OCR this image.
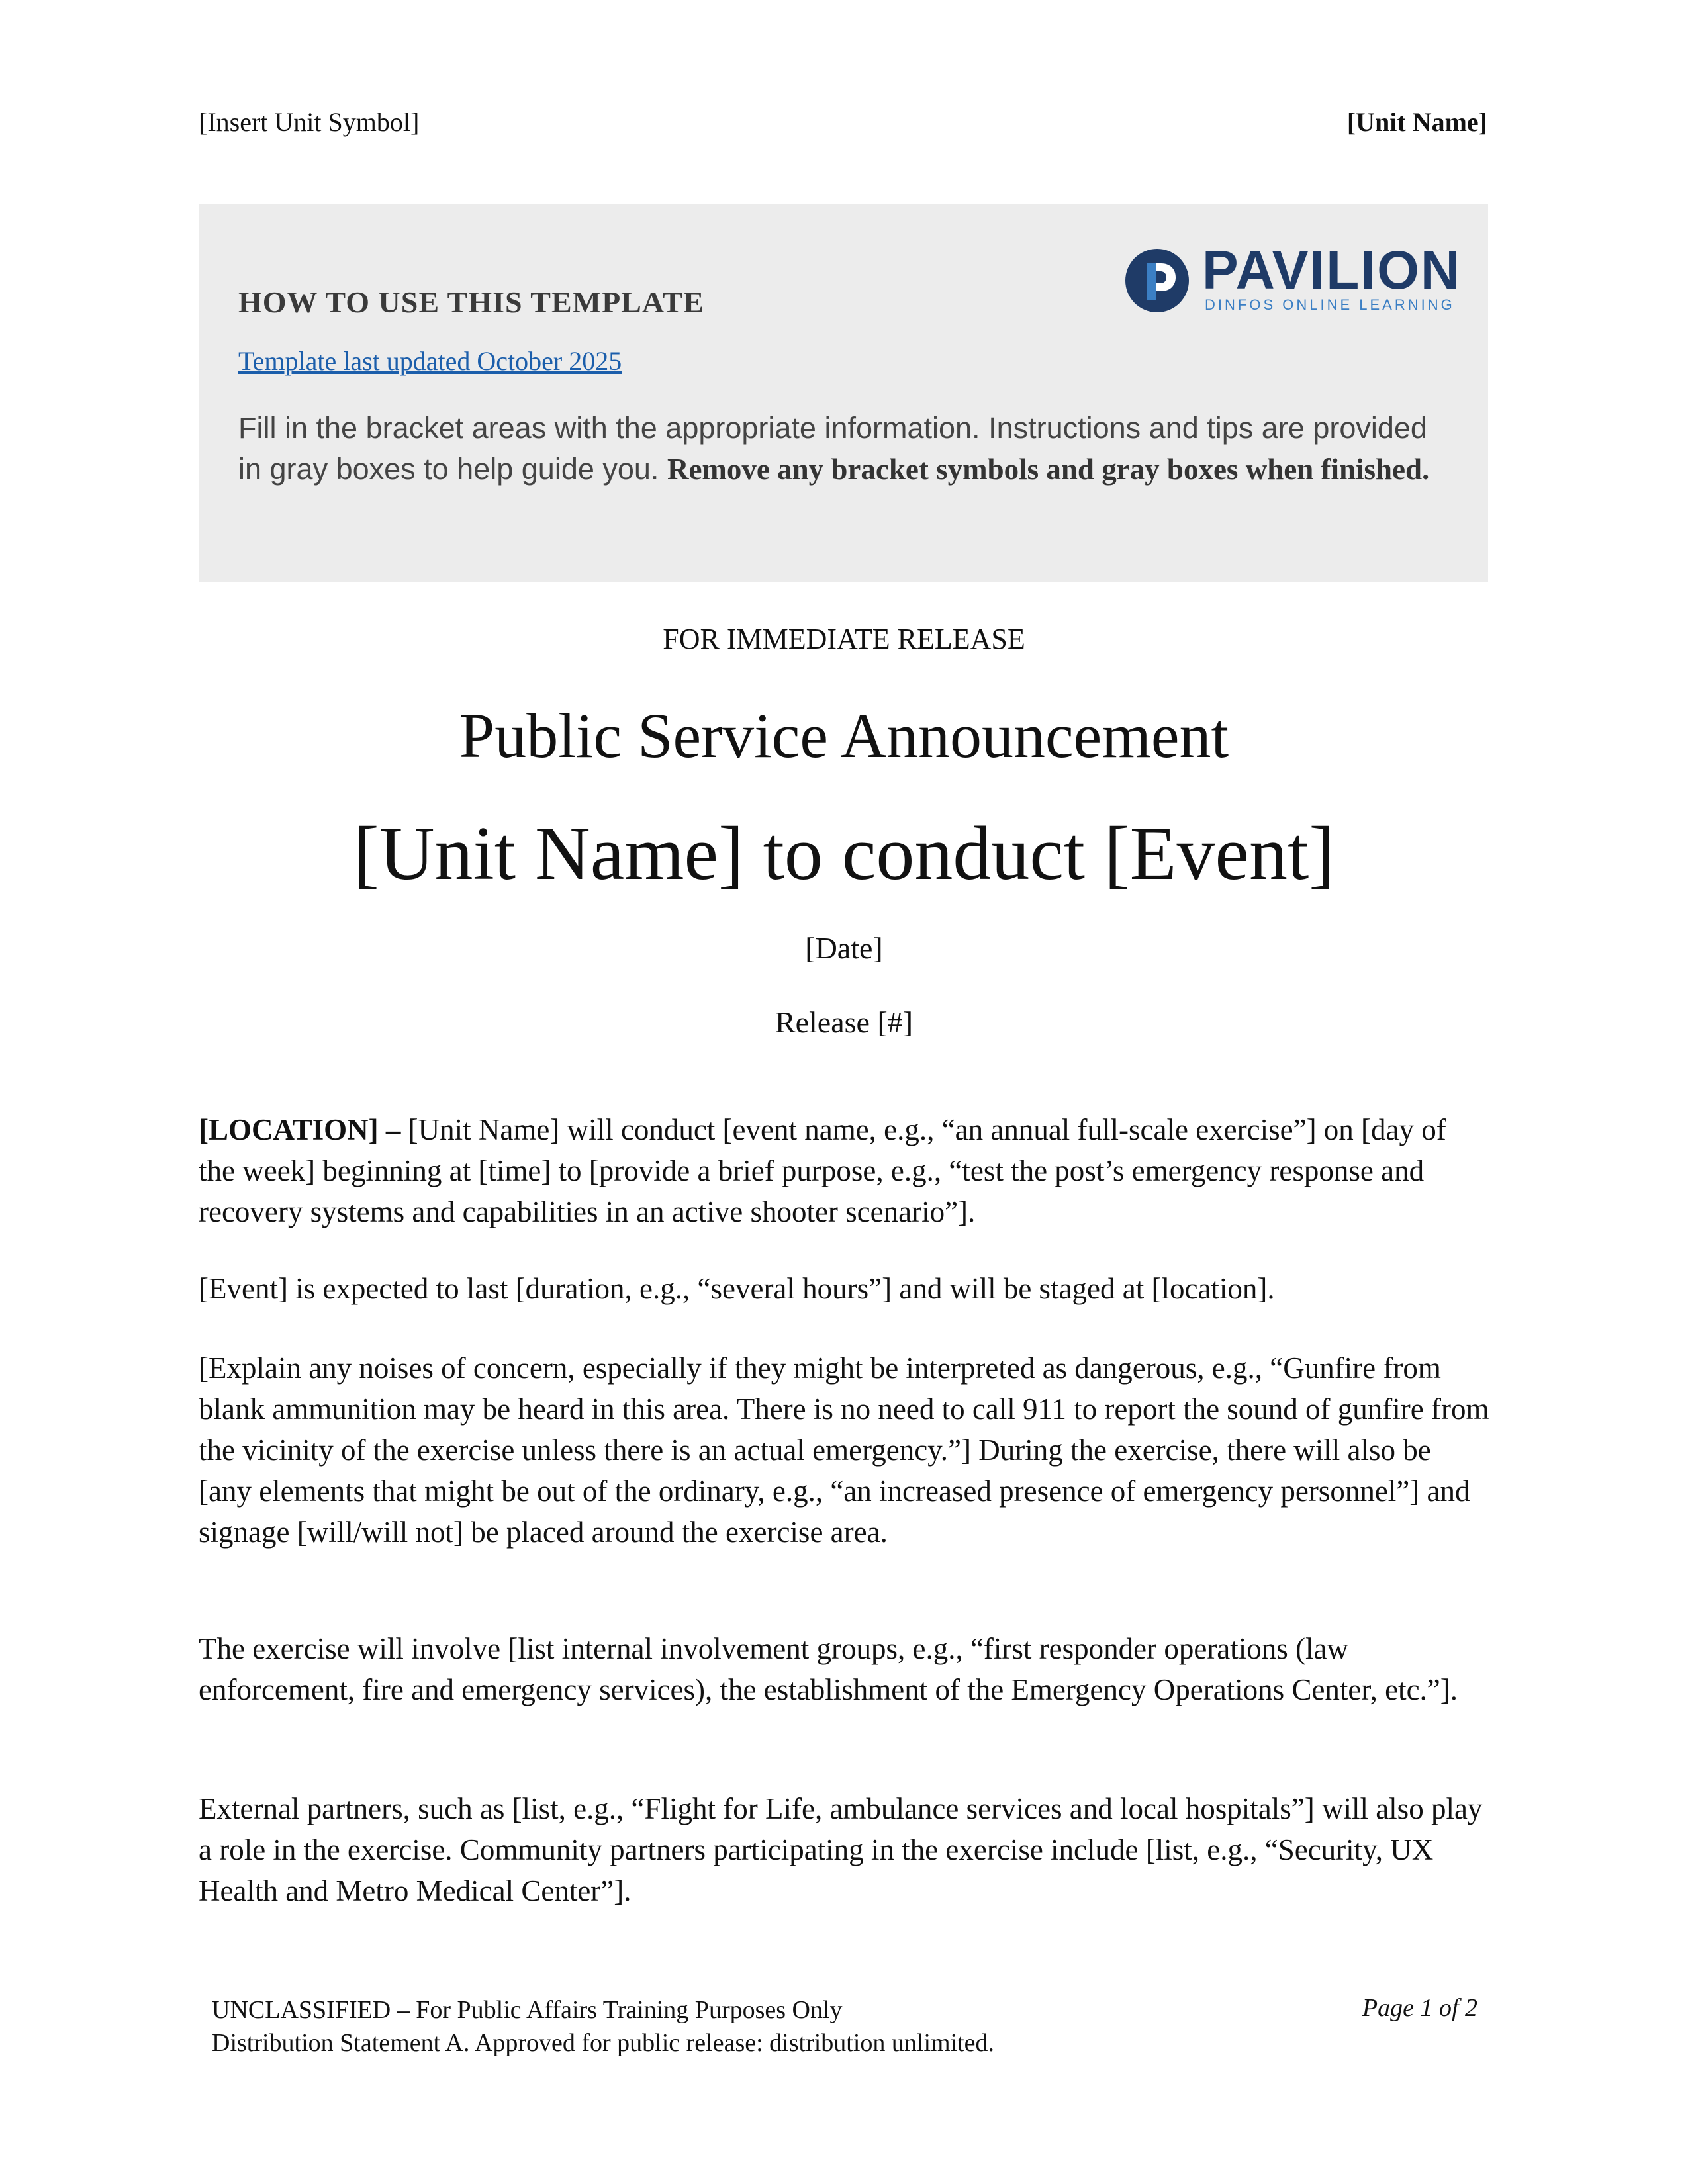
[Insert Unit Symbol]	[Unit Name]
PAVILION
DINFOS ONLINE LEARNING
HOW TO USE THIS TEMPLATE
Template last updated October 2025
Fill in the bracket areas with the appropriate information. Instructions and tips are provided in gray boxes to help guide you. Remove any bracket symbols and gray boxes when finished.
FOR IMMEDIATE RELEASE
Public Service Announcement
[Unit Name] to conduct [Event]
[Date]
Release [#]

[LOCATION] – [Unit Name] will conduct [event name, e.g., “an annual full-scale exercise”] on [day of the week] beginning at [time] to [provide a brief purpose, e.g., “test the post’s emergency response and recovery systems and capabilities in an active shooter scenario”].

[Event] is expected to last [duration, e.g., “several hours”] and will be staged at [location].

[Explain any noises of concern, especially if they might be interpreted as dangerous, e.g., “Gunfire from blank ammunition may be heard in this area. There is no need to call 911 to report the sound of gunfire from the vicinity of the exercise unless there is an actual emergency.”] During the exercise, there will also be [any elements that might be out of the ordinary, e.g., “an increased presence of emergency personnel”] and signage [will/will not] be placed around the exercise area.

The exercise will involve [list internal involvement groups, e.g., “first responder operations (law enforcement, fire and emergency services), the establishment of the Emergency Operations Center, etc.”].

External partners, such as [list, e.g., “Flight for Life, ambulance services and local hospitals”] will also play a role in the exercise. Community partners participating in the exercise include [list, e.g., “Security, UX Health and Metro Medical Center”].

UNCLASSIFIED – For Public Affairs Training Purposes Only
Distribution Statement A. Approved for public release: distribution unlimited.
Page 1 of 2
